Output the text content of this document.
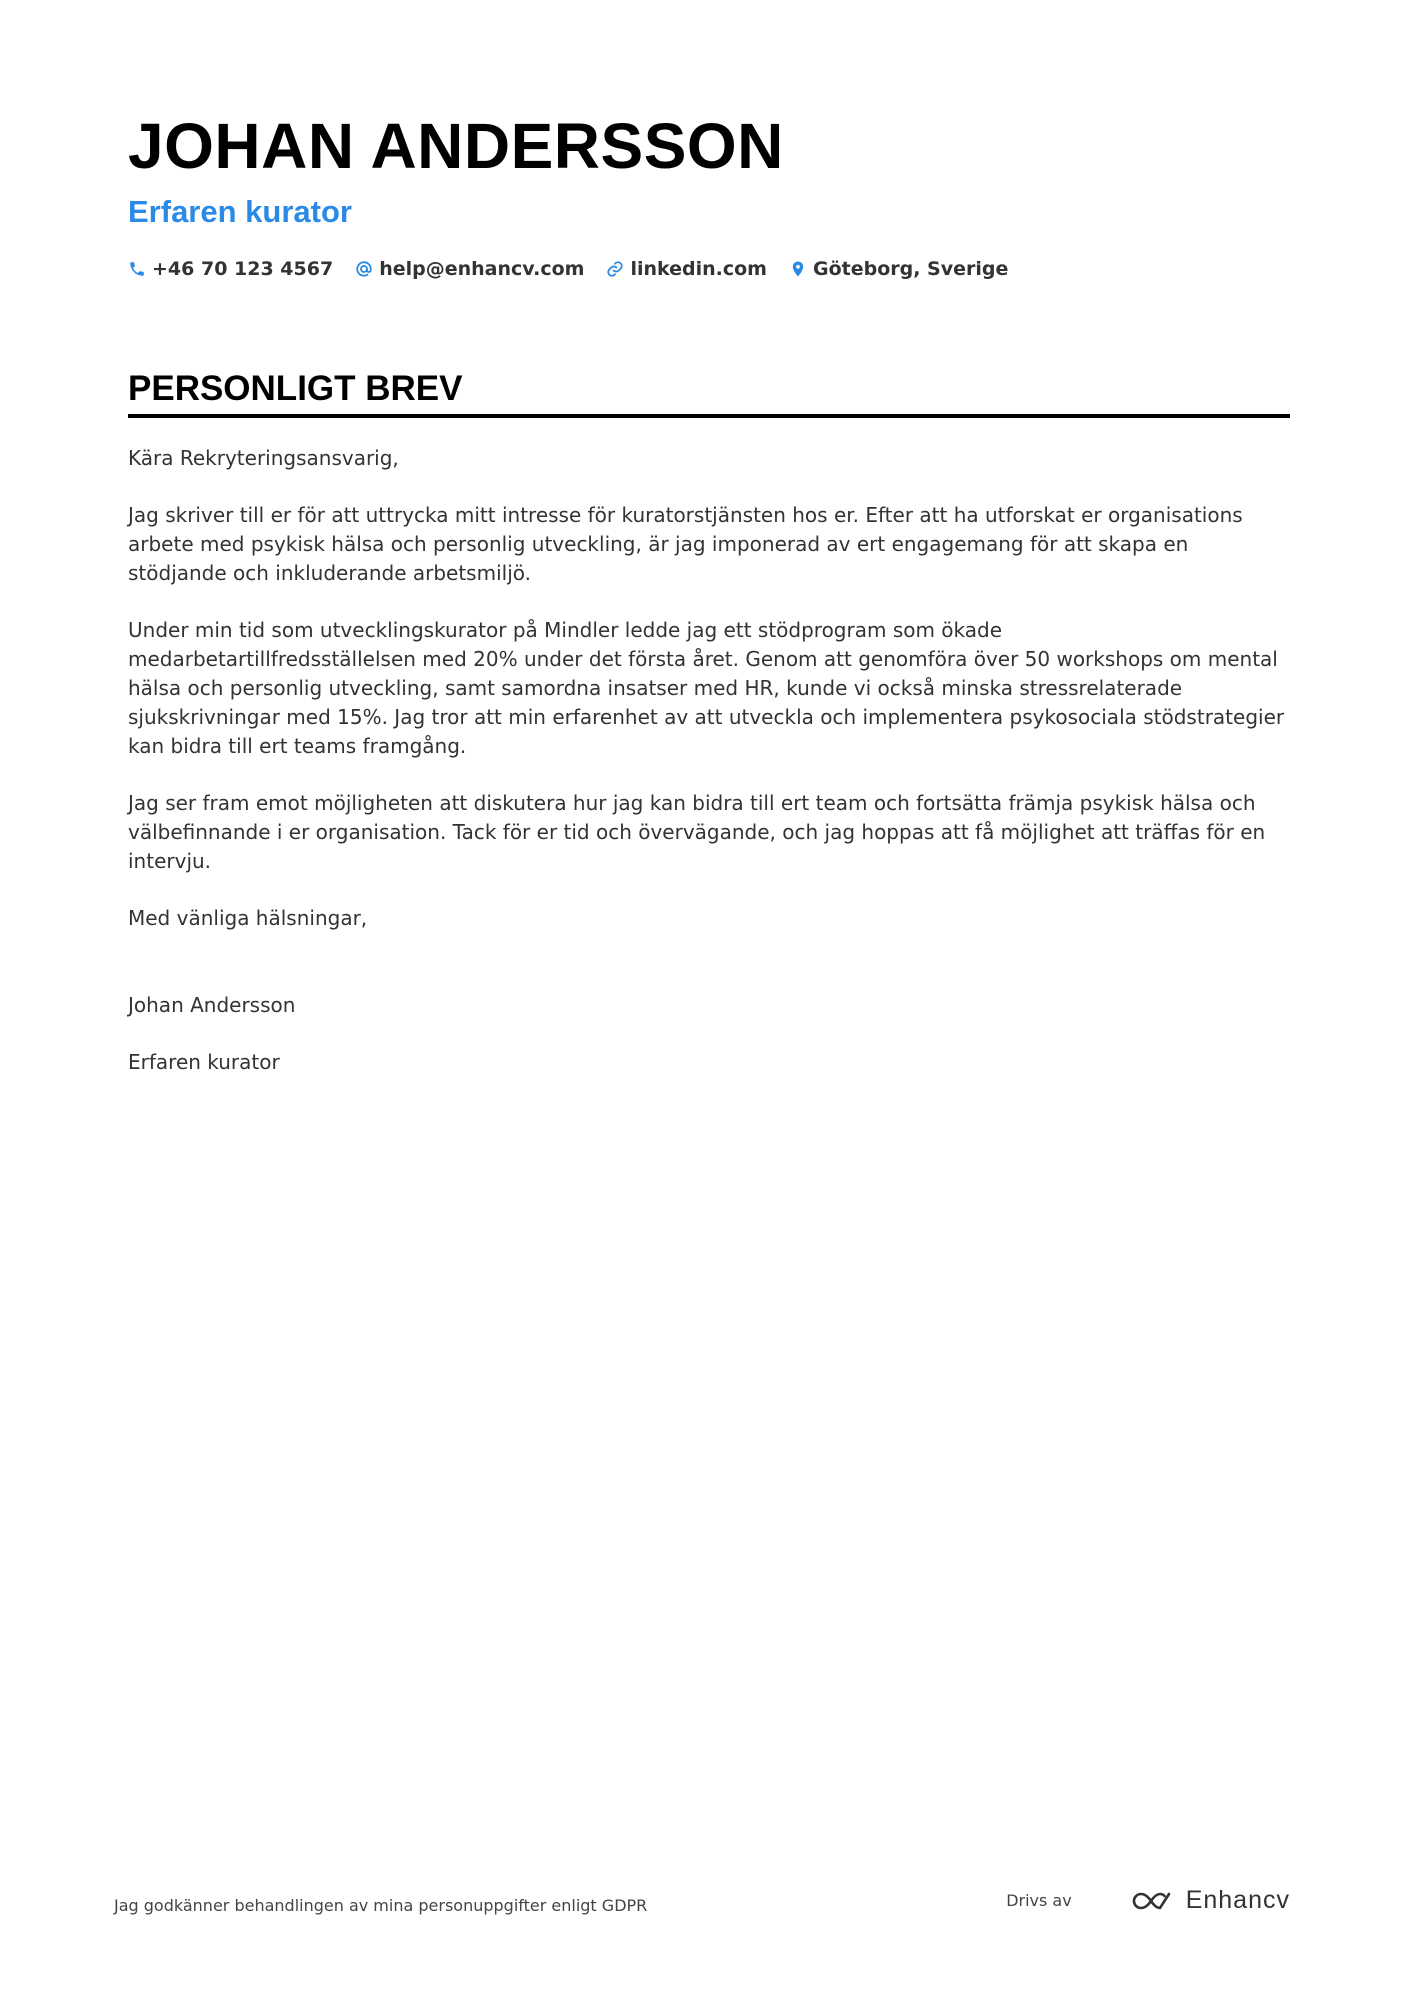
JOHAN ANDERSSON
Erfaren kurator
+46 70 123 4567 help@enhancv.com linkedin.com Göteborg, Sverige
PERSONLIGT BREV

Kära Rekryteringsansvarig,

Jag skriver till er för att uttrycka mitt intresse för kuratorstjänsten hos er. Efter att ha utforskat er organisations arbete med psykisk hälsa och personlig utveckling, är jag imponerad av ert engagemang för att skapa en stödjande och inkluderande arbetsmiljö.

Under min tid som utvecklingskurator på Mindler ledde jag ett stödprogram som ökade medarbetartillfredsställelsen med 20% under det första året. Genom att genomföra över 50 workshops om mental hälsa och personlig utveckling, samt samordna insatser med HR, kunde vi också minska stressrelaterade sjukskrivningar med 15%. Jag tror att min erfarenhet av att utveckla och implementera psykosociala stödstrategier kan bidra till ert teams framgång.

Jag ser fram emot möjligheten att diskutera hur jag kan bidra till ert team och fortsätta främja psykisk hälsa och välbefinnande i er organisation. Tack för er tid och övervägande, och jag hoppas att få möjlighet att träffas för en intervju.

Med vänliga hälsningar,

Johan Andersson

Erfaren kurator

Jag godkänner behandlingen av mina personuppgifter enligt GDPR	Drivs av	Enhancv
